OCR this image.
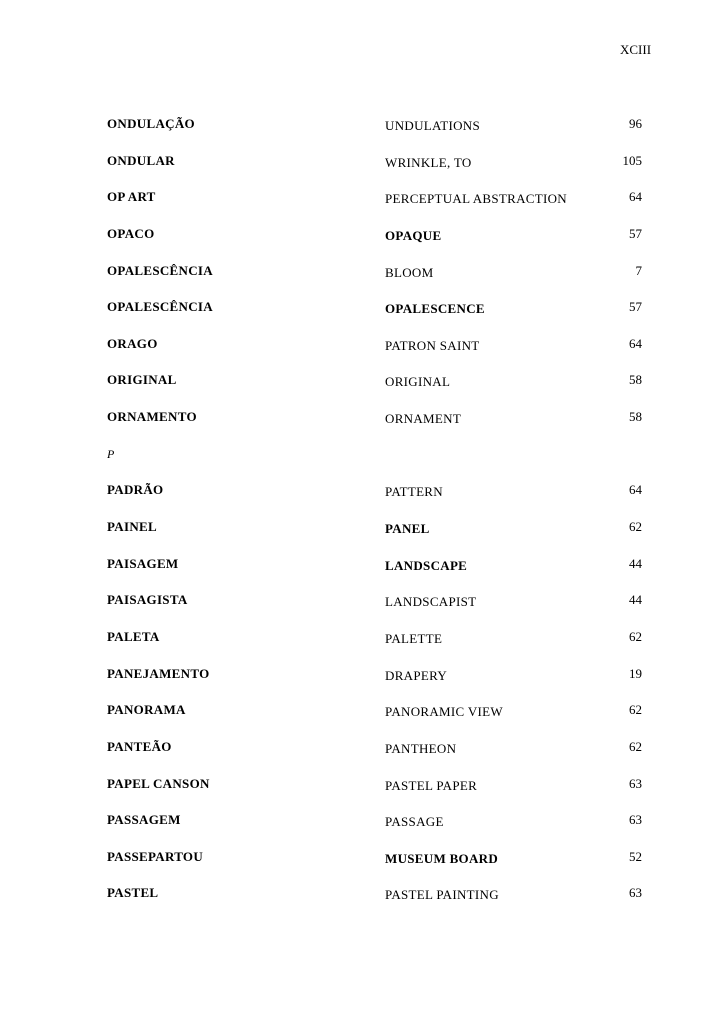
XCIII
ONDULAÇÃO	UNDULATIONS	96
ONDULAR	WRINKLE, TO	105
OP ART	PERCEPTUAL ABSTRACTION	64
OPACO	OPAQUE	57
OPALESCÊNCIA	BLOOM	7
OPALESCÊNCIA	OPALESCENCE	57
ORAGO	PATRON SAINT	64
ORIGINAL	ORIGINAL	58
ORNAMENTO	ORNAMENT	58
P
PADRÃO	PATTERN	64
PAINEL	PANEL	62
PAISAGEM	LANDSCAPE	44
PAISAGISTA	LANDSCAPIST	44
PALETA	PALETTE	62
PANEJAMENTO	DRAPERY	19
PANORAMA	PANORAMIC VIEW	62
PANTEÃO	PANTHEON	62
PAPEL CANSON	PASTEL PAPER	63
PASSAGEM	PASSAGE	63
PASSEPARTOU	MUSEUM BOARD	52
PASTEL	PASTEL PAINTING	63
